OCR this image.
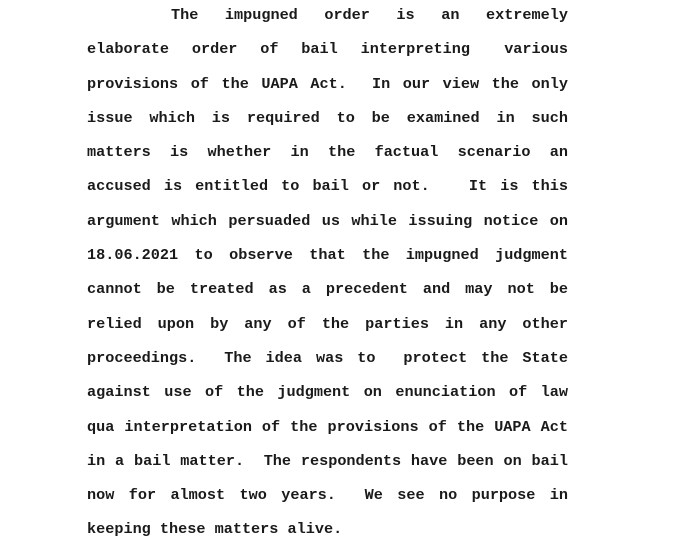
The  impugned  order  is  an  extremely
elaborate  order  of  bail  interpreting   various
provisions of the UAPA Act.  In our view the only
issue which is required to be examined in such
matters is whether in the factual scenario an
accused is entitled to bail or not.   It is this
argument which persuaded us while issuing notice on
18.06.2021 to observe that the impugned judgment
cannot be treated as a precedent and may not be
relied upon by any of the parties in any other
proceedings.  The idea was to  protect the State
against use of the judgment on enunciation of law
qua interpretation of the provisions of the UAPA Act
in a bail matter.  The respondents have been on bail
now for almost two years.  We see no purpose in
keeping these matters alive.
